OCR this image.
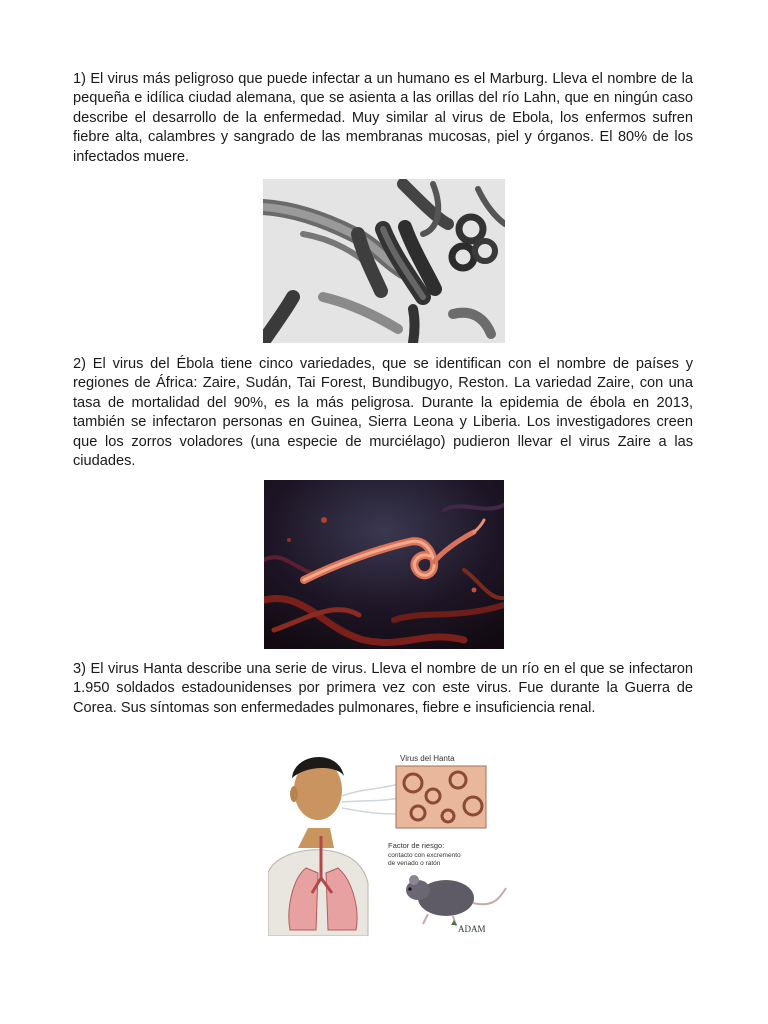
1) El virus más peligroso que puede infectar a un humano es el Marburg. Lleva el nombre de la pequeña e idílica ciudad alemana, que se asienta a las orillas del río Lahn, que en ningún caso describe el desarrollo de la enfermedad. Muy similar al virus de Ebola, los enfermos sufren fiebre alta, calambres y sangrado de las membranas mucosas, piel y órganos. El 80% de los infectados muere.

2) El virus del Ébola tiene cinco variedades, que se identifican con el nombre de países y regiones de África: Zaire, Sudán, Tai Forest, Bundibugyo, Reston. La variedad Zaire, con una tasa de mortalidad del 90%, es la más peligrosa. Durante la epidemia de ébola en 2013, también se infectaron personas en Guinea, Sierra Leona y Liberia. Los investigadores creen que los zorros voladores (una especie de murciélago) pudieron llevar el virus Zaire a las ciudades.

3) El virus Hanta describe una serie de virus. Lleva el nombre de un río en el que se infectaron 1.950 soldados estadounidenses por primera vez con este virus. Fue durante la Guerra de Corea. Sus síntomas son enfermedades pulmonares, fiebre e insuficiencia renal.

Virus del Hanta
Factor de riesgo:
contacto con excremento
de venado o ratón
ADAM
